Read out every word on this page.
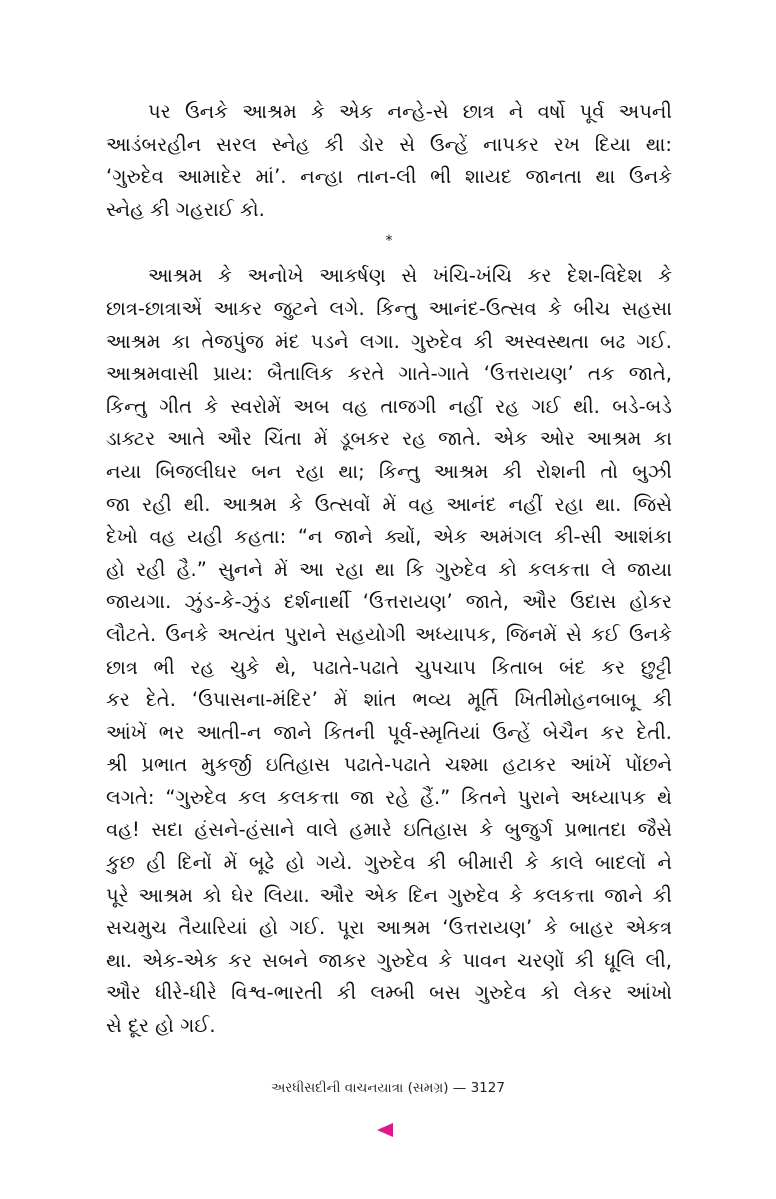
પર ઉનકે આશ્રમ કે એક નન્હે-સે છાત્ર ને વર્ષો પૂર્વ અપની
આડંબરહીન સરલ સ્નેહ કી ડોર સે ઉન્હેં નાપકર રખ દિયા થા:
‘ગુરુદેવ આમાદેર માં’. નન્હા તાન-લી ભી શાયદ જાનતા થા ઉનકે
સ્નેહ કી ગહરાઈ કો.
*
આશ્રમ કે અનોખે આકર્ષણ સે ખંચિ-ખંચિ કર દેશ-વિદેશ કે
છાત્ર-છાત્રાએં આકર જુટને લગે. કિન્તુ આનંદ-ઉત્સવ કે બીચ સહસા
આશ્રમ કા તેજપુંજ મંદ પડને લગા. ગુરુદેવ કી અસ્વસ્થતા બઢ ગઈ.
આશ્રમવાસી પ્રાય: બૈતાલિક કરતે ગાતે-ગાતે ‘ઉત્તરાયણ’ તક જાતે,
કિન્તુ ગીત કે સ્વરોમેં અબ વહ તાજગી નહીં રહ ગઈ થી. બડે-બડે
ડાક્ટર આતે ઔર ચિંતા મેં ડૂબકર રહ જાતે. એક ઓર આશ્રમ કા
નયા બિજલીઘર બન રહા થા; કિન્તુ આશ્રમ કી રોશની તો બુઝી
જા રહી થી. આશ્રમ કે ઉત્સવોં મેં વહ આનંદ નહીં રહા થા. જિસે
દેખો વહ યહી કહતા: “ન જાને ક્યોં, એક અમંગલ કી-સી આશંકા
હો રહી હૈ.” સુનને મેં આ રહા થા કિ ગુરુદેવ કો કલકત્તા લે જાયા
જાયગા. ઝુંડ-કે-ઝુંડ દર્શનાર્થી ‘ઉત્તરાયણ’ જાતે, ઔર ઉદાસ હોકર
લૌટતે. ઉનકે અત્યંત પુરાને સહયોગી અધ્યાપક, જિનમેં સે કઈ ઉનકે
છાત્ર ભી રહ ચુકે થે, પઢાતે-પઢાતે ચુપચાપ કિતાબ બંદ કર છુટ્ટી
કર દેતે. ‘ઉપાસના-મંદિર’ મેં શાંત ભવ્ય મૂર્તિ ખિતીમોહનબાબૂ કી
આંખેં ભર આતી-ન જાને કિતની પૂર્વ-સ્મૃતિયાં ઉન્હેં બેચૈન કર દેતી.
શ્રી પ્રભાત મુકર્જી ઇતિહાસ પઢાતે-પઢાતે ચશ્મા હટાકર આંખેં પોંછને
લગતે: “ગુરુદેવ કલ કલકત્તા જા રહે હૈં.” કિતને પુરાને અધ્યાપક થે
વહ! સદા હંસને-હંસાને વાલે હમારે ઇતિહાસ કે બુજુર્ગ પ્રભાતદા જૈસે
કુછ હી દિનોં મેં બૂઢે હો ગયે. ગુરુદેવ કી બીમારી કે કાલે બાદલોં ને
પૂરે આશ્રમ કો ઘેર લિયા. ઔર એક દિન ગુરુદેવ કે કલકત્તા જાને કી
સચમુચ તૈયારિયાં હો ગઈ. પૂરા આશ્રમ ‘ઉત્તરાયણ’ કે બાહર એકત્ર
થા. એક-એક કર સબને જાકર ગુરુદેવ કે પાવન ચરણોં કી ધૂલિ લી,
ઔર ધીરે-ધીરે વિશ્વ-ભારતી કી લમ્બી બસ ગુરુદેવ કો લેકર આંખો
સે દૂર હો ગઈ.
અરધીસદીની વાચનયાત્રા (સમગ્ર) — 3127
